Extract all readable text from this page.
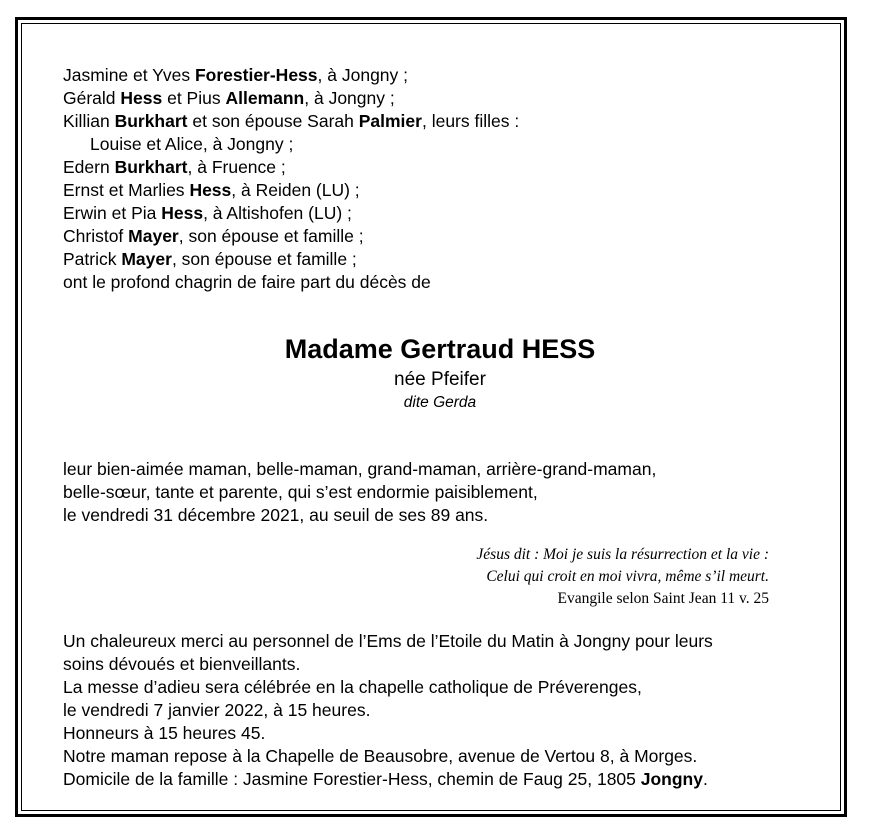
Jasmine et Yves Forestier-Hess, à Jongny ;
Gérald Hess et Pius Allemann, à Jongny ;
Killian Burkhart et son épouse Sarah Palmier, leurs filles :
Louise et Alice, à Jongny ;
Edern Burkhart, à Fruence ;
Ernst et Marlies Hess, à Reiden (LU) ;
Erwin et Pia Hess, à Altishofen (LU) ;
Christof Mayer, son épouse et famille ;
Patrick Mayer, son épouse et famille ;
ont le profond chagrin de faire part du décès de
Madame Gertraud HESS
née Pfeifer
dite Gerda
leur bien-aimée maman, belle-maman, grand-maman, arrière-grand-maman,
belle-sœur, tante et parente, qui s’est endormie paisiblement,
le vendredi 31 décembre 2021, au seuil de ses 89 ans.
Jésus dit : Moi je suis la résurrection et la vie :
Celui qui croit en moi vivra, même s’il meurt.
Evangile selon Saint Jean 11 v. 25
Un chaleureux merci au personnel de l’Ems de l’Etoile du Matin à Jongny pour leurs
soins dévoués et bienveillants.
La messe d’adieu sera célébrée en la chapelle catholique de Préverenges,
le vendredi 7 janvier 2022, à 15 heures.
Honneurs à 15 heures 45.
Notre maman repose à la Chapelle de Beausobre, avenue de Vertou 8, à Morges.
Domicile de la famille : Jasmine Forestier-Hess, chemin de Faug 25, 1805 Jongny.
